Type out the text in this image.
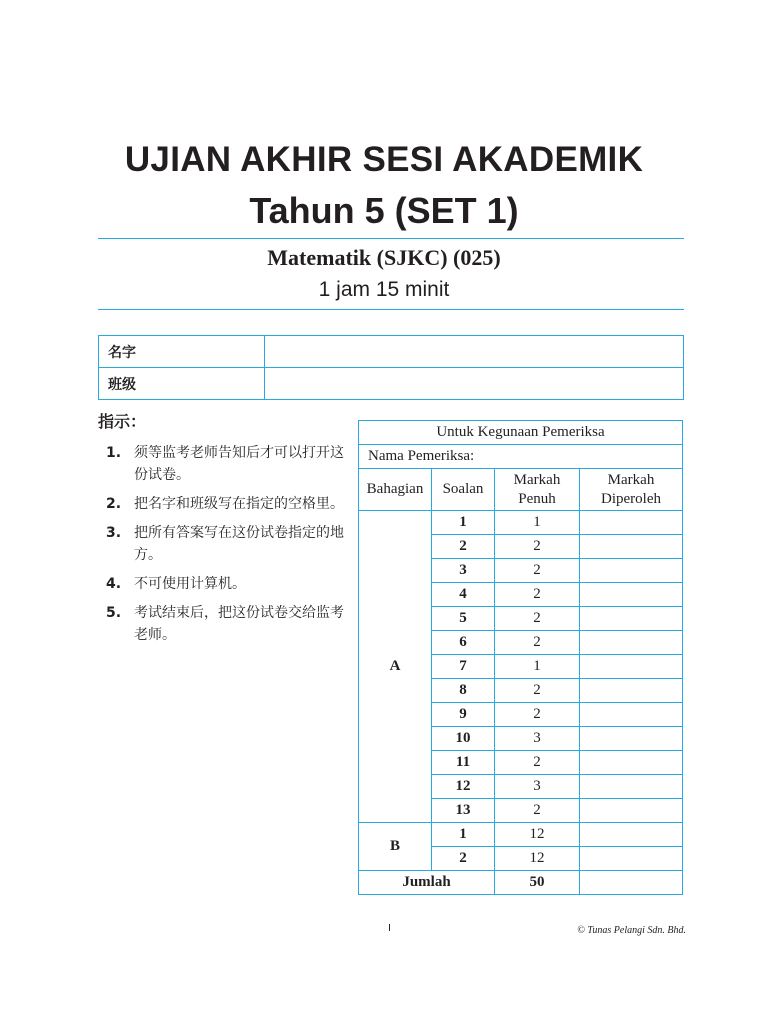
UJIAN AKHIR SESI AKADEMIK
Tahun 5 (SET 1)
Matematik (SJKC) (025)
1 jam 15 minit
名字	
班级	
指示：
1. 须等监考老师告知后才可以打开这份试卷。
2. 把名字和班级写在指定的空格里。
3. 把所有答案写在这份试卷指定的地方。
4. 不可使用计算机。
5. 考试结束后，把这份试卷交给监考老师。
Untuk Kegunaan Pemeriksa			
Nama Pemeriksa:			
Bahagian	Soalan	Markah Penuh	Markah Diperoleh
A	1	1	
	2	2	
	3	2	
	4	2	
	5	2	
	6	2	
	7	1	
	8	2	
	9	2	
	10	3	
	11	2	
	12	3	
	13	2	
B	1	12	
	2	12	
Jumlah		50	
I	© Tunas Pelangi Sdn. Bhd.
